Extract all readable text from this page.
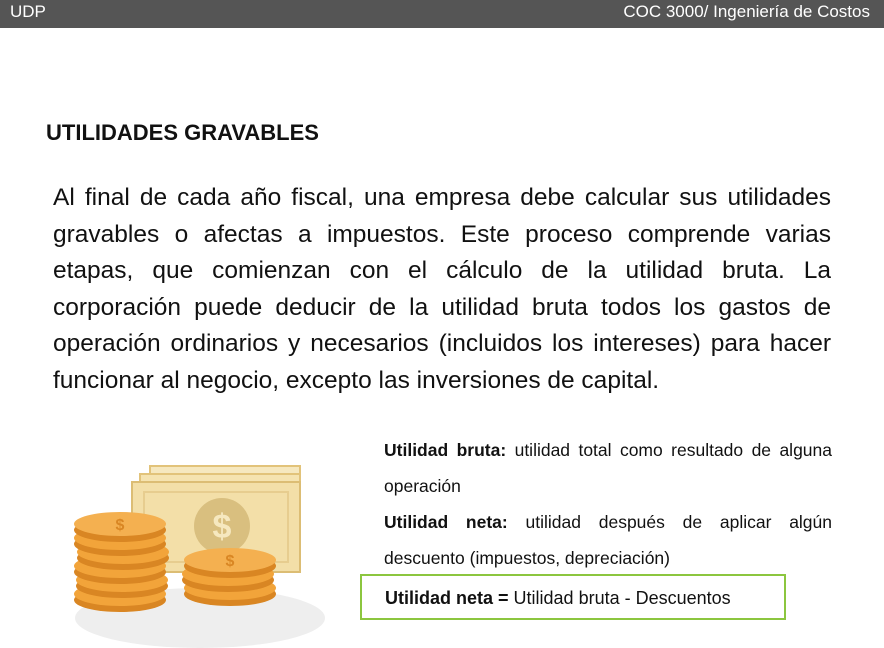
UDP	COC 3000/ Ingeniería de Costos
UTILIDADES GRAVABLES
Al final de cada año fiscal, una empresa debe calcular sus utilidades gravables o afectas a impuestos. Este proceso comprende varias etapas, que comienzan con el cálculo de la utilidad bruta. La corporación puede deducir de la utilidad bruta todos los gastos de operación ordinarios y necesarios (incluidos los intereses) para hacer funcionar al negocio, excepto las inversiones de capital.
$
$
$

Utilidad bruta: utilidad total como resultado de alguna operación

Utilidad neta: utilidad después de aplicar algún descuento (impuestos, depreciación)

Utilidad neta = Utilidad bruta - Descuentos
